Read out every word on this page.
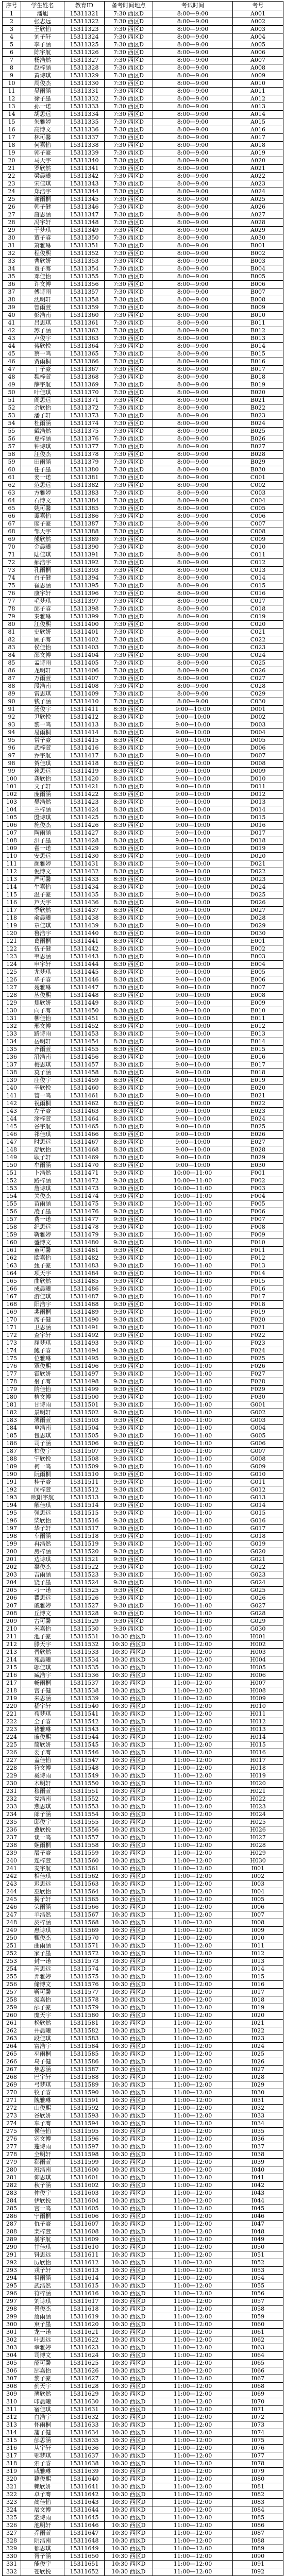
序号	学生姓名	教育ID	备考时间地点	考试时间	考号
1	潘旭	15311321	7:30 西区D	8:00—9:00	A001
2	张志远	15311322	7:30 西区D	8:00—9:00	A002
3	王欣怡	15311323	7:30 西区D	8:00—9:00	A003
4	刘子轩	15311324	7:30 西区D	8:00—9:00	A004
5	李子涵	15311325	7:30 西区D	8:00—9:00	A005
6	陈宇航	15311326	7:30 西区D	8:00—9:00	A006
7	杨浩然	15311327	7:30 西区D	8:00—9:00	A007
8	赵梓涵	15311328	7:30 西区D	8:00—9:00	A008
9	黄诗琪	15311329	7:30 西区D	8:00—9:00	A009
10	周俊杰	15311330	7:30 西区D	8:00—9:00	A010
11	吴雨涵	15311331	7:30 西区D	8:00—9:00	A011
12	徐子墨	15311332	7:30 西区D	8:00—9:00	A012
13	孙一诺	15311333	7:30 西区D	8:00—9:00	A013
14	胡思远	15311334	7:30 西区D	8:00—9:00	A014
15	朱雅婷	15311335	7:30 西区D	8:00—9:00	A015
16	高博文	15311336	7:30 西区D	8:00—9:00	A016
17	林可馨	15311337	7:30 西区D	8:00—9:00	A017
18	何嘉怡	15311338	7:30 西区D	8:00—9:00	A018
19	郭子豪	15311339	7:30 西区D	8:00—9:00	A019
20	马天宇	15311340	7:30 西区D	8:00—9:00	A020
21	罗欣然	15311341	7:30 西区D	8:00—9:00	A021
22	梁晨曦	15311342	7:30 西区D	8:00—9:00	A022
23	宋佳琪	15311343	7:30 西区D	8:00—9:00	A023
24	郑浩宇	15311344	7:30 西区D	8:00—9:00	A024
25	谢雨桐	15311345	7:30 西区D	8:00—9:00	A025
26	韩子健	15311346	7:30 西区D	8:00—9:00	A026
27	唐思涵	15311347	7:30 西区D	8:00—9:00	A027
28	冯宇轩	15311348	7:30 西区D	8:00—9:00	A028
29	于梦琪	15311349	7:30 西区D	8:00—9:00	A029
30	董子睿	15311350	7:30 西区D	8:00—9:00	A030
31	萧雅琳	15311351	7:30 西区D	8:00—9:00	B001
32	程俊熙	15311352	7:30 西区D	8:00—9:00	B002
33	曹欣妍	15311353	7:30 西区D	8:00—9:00	B003
34	袁子骞	15311354	7:30 西区D	8:00—9:00	B004
35	邓佳怡	15311355	7:30 西区D	8:00—9:00	B005
36	许文博	15311356	7:30 西区D	8:00—9:00	B006
37	傅诗雨	15311357	7:30 西区D	8:00—9:00	B007
38	沈明轩	15311358	7:30 西区D	8:00—9:00	B008
39	曾雨萱	15311359	7:30 西区D	8:00—9:00	B009
40	彭浩南	15311360	7:30 西区D	8:00—9:00	B010
41	吕思琪	15311361	7:30 西区D	8:00—9:00	B011
42	苏子涵	15311362	7:30 西区D	8:00—9:00	B012
43	卢俊宇	15311363	7:30 西区D	8:00—9:00	B013
44	蒋欣悦	15311364	7:30 西区D	8:00—9:00	B014
45	蔡一鸣	15311365	7:30 西区D	8:00—9:00	B015
46	贾雨桐	15311366	7:30 西区D	8:00—9:00	B016
47	丁子豪	15311367	7:30 西区D	8:00—9:00	B017
48	魏梓萱	15311368	7:30 西区D	8:00—9:00	B018
49	薛宇航	15311369	7:30 西区D	8:00—9:00	B019
50	叶佳琪	15311370	7:30 西区D	8:00—9:00	B020
51	阎思远	15311371	7:30 西区D	8:00—9:00	B021
52	余欣怡	15311372	7:30 西区D	8:00—9:00	B022
53	潘子轩	15311373	7:30 西区D	8:00—9:00	B023
54	杜雨涵	15311374	7:30 西区D	8:00—9:00	B024
55	戴浩然	15311375	7:30 西区D	8:00—9:00	B025
56	夏梓涵	15311376	7:30 西区D	8:00—9:00	B026
57	钟诗琪	15311377	7:30 西区D	8:00—9:00	B027
58	汪俊杰	15311378	7:30 西区D	8:00—9:00	B028
59	田雨涵	15311379	7:30 西区D	8:00—9:00	B029
60	任子墨	15311380	7:30 西区D	8:00—9:00	B030
61	姜一诺	15311381	7:30 西区D	8:00—9:00	C001
62	范思远	15311382	7:30 西区D	8:00—9:00	C002
63	方雅婷	15311383	7:30 西区D	8:00—9:00	C003
64	石博文	15311384	7:30 西区D	8:00—9:00	C004
65	姚可馨	15311385	7:30 西区D	8:00—9:00	C005
66	谭嘉怡	15311386	7:30 西区D	8:00—9:00	C006
67	廖子豪	15311387	7:30 西区D	8:00—9:00	C007
68	邹天宇	15311388	7:30 西区D	8:00—9:00	C008
69	熊欣然	15311389	7:30 西区D	8:00—9:00	C009
70	金晨曦	15311390	7:30 西区D	8:00—9:00	C010
71	陆佳琪	15311391	7:30 西区D	8:00—9:00	C011
72	郝浩宇	15311392	7:30 西区D	8:00—9:00	C012
73	孔雨桐	15311393	7:30 西区D	8:00—9:00	C013
74	白子健	15311394	7:30 西区D	8:00—9:00	C014
75	崔思涵	15311395	7:30 西区D	8:00—9:00	C015
76	康宇轩	15311396	7:30 西区D	8:00—9:00	C016
77	毛梦琪	15311397	7:30 西区D	8:00—9:00	C017
78	邱子睿	15311398	7:30 西区D	8:00—9:00	C018
79	秦雅琳	15311399	7:30 西区D	8:00—9:00	C019
80	江俊熙	15311400	7:30 西区D	8:00—9:00	C020
81	史欣妍	15311401	7:30 西区D	8:00—9:00	C021
82	顾子骞	15311402	7:30 西区D	8:00—9:00	C022
83	侯佳怡	15311403	7:30 西区D	8:00—9:00	C023
84	邵文博	15311404	7:30 西区D	8:00—9:00	C024
85	孟诗雨	15311405	7:30 西区D	8:00—9:00	C025
86	龙明轩	15311406	7:30 西区D	8:00—9:00	C026
87	万雨萱	15311407	7:30 西区D	8:00—9:00	C027
88	段浩南	15311408	7:30 西区D	8:00—9:00	C028
89	雷思琪	15311409	7:30 西区D	8:00—9:00	C029
90	钱子涵	15311410	7:30 西区D	8:00—9:00	C030
91	汤俊宇	15311411	8:30 西区D	9:00—10:00	D001
92	尹欣悦	15311412	8:30 西区D	9:00—10:00	D002
93	黎一鸣	15311413	8:30 西区D	9:00—10:00	D003
94	易雨桐	15311414	8:30 西区D	9:00—10:00	D004
95	常子豪	15311415	8:30 西区D	9:00—10:00	D005
96	武梓萱	15311416	8:30 西区D	9:00—10:00	D006
97	乔宇航	15311417	8:30 西区D	9:00—10:00	D007
98	贺佳琪	15311418	8:30 西区D	9:00—10:00	D008
99	赖思远	15311419	8:30 西区D	9:00—10:00	D009
100	龚欣怡	15311420	8:30 西区D	9:00—10:00	D010
101	文子轩	15311421	8:30 西区D	9:00—10:00	D011
102	庞雨涵	15311422	8:30 西区D	9:00—10:00	D012
103	樊浩然	15311423	8:30 西区D	9:00—10:00	D013
104	兰梓涵	15311424	8:30 西区D	9:00—10:00	D014
105	殷诗琪	15311425	8:30 西区D	9:00—10:00	D015
106	施俊杰	15311426	8:30 西区D	9:00—10:00	D016
107	陶雨涵	15311427	8:30 西区D	9:00—10:00	D017
108	洪子墨	15311428	8:30 西区D	9:00—10:00	D018
109	翟一诺	15311429	8:30 西区D	9:00—10:00	D019
110	安思远	15311430	8:30 西区D	9:00—10:00	D020
111	颜雅婷	15311431	8:30 西区D	9:00—10:00	D021
112	倪博文	15311432	8:30 西区D	9:00—10:00	D022
113	严可馨	15311433	8:30 西区D	9:00—10:00	D023
114	牛嘉怡	15311434	8:30 西区D	9:00—10:00	D024
115	温子豪	15311435	8:30 西区D	9:00—10:00	D025
116	芦天宇	15311436	8:30 西区D	9:00—10:00	D026
117	季欣然	15311437	8:30 西区D	9:00—10:00	D027
118	俞晨曦	15311438	8:30 西区D	9:00—10:00	D028
119	章佳琪	15311439	8:30 西区D	9:00—10:00	D029
120	鲁浩宇	15311440	8:30 西区D	9:00—10:00	D030
121	葛雨桐	15311441	8:30 西区D	9:00—10:00	E001
122	伍子健	15311442	8:30 西区D	9:00—10:00	E002
123	韦思涵	15311443	8:30 西区D	9:00—10:00	E003
124	申宇轩	15311444	8:30 西区D	9:00—10:00	E004
125	尤梦琪	15311445	8:30 西区D	9:00—10:00	E005
126	毕子睿	15311446	8:30 西区D	9:00—10:00	E006
127	聂雅琳	15311447	8:30 西区D	9:00—10:00	E007
128	丛俊熙	15311448	8:30 西区D	9:00—10:00	E008
129	焦欣妍	15311449	8:30 西区D	9:00—10:00	E009
130	向子骞	15311450	8:30 西区D	9:00—10:00	E010
131	柳佳怡	15311451	8:30 西区D	9:00—10:00	E011
132	邢文博	15311452	8:30 西区D	9:00—10:00	E012
133	路诗雨	15311453	8:30 西区D	9:00—10:00	E013
134	岳明轩	15311454	8:30 西区D	9:00—10:00	E014
135	齐雨萱	15311455	8:30 西区D	9:00—10:00	E015
136	沿浩南	15311456	8:30 西区D	9:00—10:00	E016
137	梅思琪	15311457	8:30 西区D	9:00—10:00	E017
138	莫子涵	15311458	8:30 西区D	9:00—10:00	E018
139	庄俊宇	15311459	8:30 西区D	9:00—10:00	E019
140	辛欣悦	15311460	8:30 西区D	9:00—10:00	E020
141	管一鸣	15311461	8:30 西区D	9:00—10:00	E021
142	祝雨桐	15311462	8:30 西区D	9:00—10:00	E022
143	左子豪	15311463	8:30 西区D	9:00—10:00	E023
144	涂梓萱	15311464	8:30 西区D	9:00—10:00	E024
145	谷宇航	15311465	8:30 西区D	9:00—10:00	E025
146	祁佳琪	15311466	8:30 西区D	9:00—10:00	E026
147	时思远	15311467	8:30 西区D	9:00—10:00	E027
148	舒欣怡	15311468	8:30 西区D	9:00—10:00	E028
149	耿子轩	15311469	8:30 西区D	9:00—10:00	E029
150	牟雨涵	15311470	8:30 西区D	9:00—10:00	E030
151	卜浩然	15311471	9:30 西区D	10:00—11:00	F001
152	路梓涵	15311472	9:30 西区D	10:00—11:00	F002
153	詹诗琪	15311473	9:30 西区D	10:00—11:00	F003
154	关俊杰	15311474	9:30 西区D	10:00—11:00	F004
155	苗雨涵	15311475	9:30 西区D	10:00—11:00	F005
156	凌子墨	15311476	9:30 西区D	10:00—11:00	F006
157	费一诺	15311477	9:30 西区D	10:00—11:00	F007
158	纪思远	15311478	9:30 西区D	10:00—11:00	F008
159	靳雅婷	15311479	9:30 西区D	10:00—11:00	F009
160	盛博文	15311480	9:30 西区D	10:00—11:00	F010
161	童可馨	15311481	9:30 西区D	10:00—11:00	F011
162	欧嘉怡	15311482	9:30 西区D	10:00—11:00	F012
163	甄子豪	15311483	9:30 西区D	10:00—11:00	F013
164	项天宇	15311484	9:30 西区D	10:00—11:00	F014
165	曲欣然	15311485	9:30 西区D	10:00—11:00	F015
166	成晨曦	15311486	9:30 西区D	10:00—11:00	F016
167	游佳琪	15311487	9:30 西区D	10:00—11:00	F017
168	阳浩宇	15311488	9:30 西区D	10:00—11:00	F018
169	裴雨桐	15311489	9:30 西区D	10:00—11:00	F019
170	席子健	15311490	9:30 西区D	10:00—11:00	F020
171	卫思涵	15311491	9:30 西区D	10:00—11:00	F021
172	查宇轩	15311492	9:30 西区D	10:00—11:00	F022
173	屈梦琪	15311493	9:30 西区D	10:00—11:00	F023
174	鲍子睿	15311494	9:30 西区D	10:00—11:00	F024
175	位雅琳	15311495	9:30 西区D	10:00—11:00	F025
176	覃俊熙	15311496	9:30 西区D	10:00—11:00	F026
177	霍欣妍	15311497	9:30 西区D	10:00—11:00	F027
178	翁子骞	15311498	9:30 西区D	10:00—11:00	F028
179	隋佳怡	15311499	9:30 西区D	10:00—11:00	F029
180	植文博	15311500	9:30 西区D	10:00—11:00	F030
181	甘诗雨	15311501	9:30 西区D	10:00—11:00	G001
182	景明轩	15311502	9:30 西区D	10:00—11:00	G002
183	薄雨萱	15311503	9:30 西区D	10:00—11:00	G003
184	单浩南	15311504	9:30 西区D	10:00—11:00	G004
185	包思琪	15311505	9:30 西区D	10:00—11:00	G005
186	司子涵	15311506	9:30 西区D	10:00—11:00	G006
187	柏俊宇	15311507	9:30 西区D	10:00—11:00	G007
188	宁欣悦	15311508	9:30 西区D	10:00—11:00	G008
189	柯一鸣	15311509	9:30 西区D	10:00—11:00	G009
190	阮雨桐	15311510	9:30 西区D	10:00—11:00	G010
191	桂子豪	15311511	9:30 西区D	10:00—11:00	G011
192	闵梓萱	15311512	9:30 西区D	10:00—11:00	G012
193	欧阳宇航	15311513	9:30 西区D	10:00—11:00	G013
194	解佳琪	15311514	9:30 西区D	10:00—11:00	G014
195	强思远	15311515	9:30 西区D	10:00—11:00	G015
196	柴欣怡	15311516	9:30 西区D	10:00—11:00	G016
197	华子轩	15311517	9:30 西区D	10:00—11:00	G017
198	车雨涵	15311518	9:30 西区D	10:00—11:00	G018
199	冉浩然	15311519	9:30 西区D	10:00—11:00	G019
200	房梓涵	15311520	9:30 西区D	10:00—11:00	G020
201	边诗琪	15311521	9:30 西区D	10:00—11:00	G021
202	辜俊杰	15311522	9:30 西区D	10:00—11:00	G022
203	吉雨涵	15311523	9:30 西区D	10:00—11:00	G023
204	饶子墨	15311524	9:30 西区D	10:00—11:00	G024
205	刁一诺	15311525	9:30 西区D	10:00—11:00	G025
206	瞿思远	15311526	9:30 西区D	10:00—11:00	G026
207	戚雅婷	15311527	9:30 西区D	10:00—11:00	G027
208	丘博文	15311528	9:30 西区D	10:00—11:00	G028
209	古可馨	15311529	9:30 西区D	10:00—11:00	G029
210	米嘉怡	15311530	9:30 西区D	10:00—11:00	G030
211	池子豪	15311531	10:30 西区D	11:00—12:00	H001
212	滕天宇	15311532	10:30 西区D	11:00—12:00	H002
213	晋欣然	15311533	10:30 西区D	11:00—12:00	H003
214	苑晨曦	15311534	10:30 西区D	11:00—12:00	H004
215	邬佳琪	15311535	10:30 西区D	11:00—12:00	H005
216	臧浩宇	15311536	10:30 西区D	11:00—12:00	H006
217	畅雨桐	15311537	10:30 西区D	11:00—12:00	H007
218	宫子健	15311538	10:30 西区D	11:00—12:00	H008
219	来思涵	15311539	10:30 西区D	11:00—12:00	H009
220	嵇宇轩	15311540	10:30 西区D	11:00—12:00	H010
221	苟梦琪	15311541	10:30 西区D	11:00—12:00	H011
222	全子睿	15311542	10:30 西区D	11:00—12:00	H012
223	褚雅琳	15311543	10:30 西区D	11:00—12:00	H013
224	廉俊熙	15311544	10:30 西区D	11:00—12:00	H014
225	简欣妍	15311545	10:30 西区D	11:00—12:00	H015
226	娄子骞	15311546	10:30 西区D	11:00—12:00	H016
227	盖佳怡	15311547	10:30 西区D	11:00—12:00	H017
228	符文博	15311548	10:30 西区D	11:00—12:00	H018
229	奚诗雨	15311549	10:30 西区D	11:00—12:00	H019
230	木明轩	15311550	10:30 西区D	11:00—12:00	H020
231	穆雨萱	15311551	10:30 西区D	11:00—12:00	H021
232	党浩南	15311552	10:30 西区D	11:00—12:00	H022
233	燕思琪	15311553	10:30 西区D	11:00—12:00	H023
234	郎子涵	15311554	10:30 西区D	11:00—12:00	H024
235	邸俊宇	15311555	10:30 西区D	11:00—12:00	H025
236	冀欣悦	15311556	10:30 西区D	11:00—12:00	H026
237	谈一鸣	15311557	10:30 西区D	11:00—12:00	H027
238	姬雨桐	15311558	10:30 西区D	11:00—12:00	H028
239	屠子豪	15311559	10:30 西区D	11:00—12:00	H029
240	连梓萱	15311560	10:30 西区D	11:00—12:00	H030
241	麦宇航	15311561	10:30 西区D	11:00—12:00	I001
242	相佳琪	15311562	10:30 西区D	11:00—12:00	I002
243	迟思远	15311563	10:30 西区D	11:00—12:00	I003
244	巫欣怡	15311564	10:30 西区D	11:00—12:00	I004
245	揭子轩	15311565	10:30 西区D	11:00—12:00	I005
246	荣雨涵	15311566	10:30 西区D	11:00—12:00	I006
247	羊浩然	15311567	10:30 西区D	11:00—12:00	I007
248	於梓涵	15311568	10:30 西区D	11:00—12:00	I008
249	惠诗琪	15311569	10:30 西区D	11:00—12:00	I009
250	甄俊杰	15311570	10:30 西区D	11:00—12:00	I010
251	曲雨涵	15311571	10:30 西区D	11:00—12:00	I011
252	家子墨	15311572	10:30 西区D	11:00—12:00	I012
253	封一诺	15311573	10:30 西区D	11:00—12:00	I013
254	芮思远	15311574	10:30 西区D	11:00—12:00	I014
255	羿雅婷	15311575	10:30 西区D	11:00—12:00	I015
256	储博文	15311576	10:30 西区D	11:00—12:00	I016
257	靳可馨	15311577	10:30 西区D	11:00—12:00	I017
258	汲嘉怡	15311578	10:30 西区D	11:00—12:00	I018
259	邴子豪	15311579	10:30 西区D	11:00—12:00	I019
260	糜天宇	15311580	10:30 西区D	11:00—12:00	I020
261	松欣然	15311581	10:30 西区D	11:00—12:00	I021
262	井晨曦	15311582	10:30 西区D	11:00—12:00	I022
263	段佳琪	15311583	10:30 西区D	11:00—12:00	I023
264	富浩宇	15311584	10:30 西区D	11:00—12:00	I024
265	巫雨桐	15311585	10:30 西区D	11:00—12:00	I025
266	乌子健	15311586	10:30 西区D	11:00—12:00	I026
267	焦思涵	15311587	10:30 西区D	11:00—12:00	I027
268	巴宇轩	15311588	10:30 西区D	11:00—12:00	I028
269	弓梦琪	15311589	10:30 西区D	11:00—12:00	I029
270	牧子睿	15311590	10:30 西区D	11:00—12:00	I030
271	隗雅琳	15311591	10:30 西区D	11:00—12:00	I031
272	山俊熙	15311592	10:30 西区D	11:00—12:00	I032
273	谷欣妍	15311593	10:30 西区D	11:00—12:00	I033
274	车子骞	15311594	10:30 西区D	11:00—12:00	I034
275	侯佳怡	15311595	10:30 西区D	11:00—12:00	I035
276	宓文博	15311596	10:30 西区D	11:00—12:00	I036
277	蓬诗雨	15311597	10:30 西区D	11:00—12:00	I037
278	全明轩	15311598	10:30 西区D	11:00—12:00	I038
279	郗雨萱	15311599	10:30 西区D	11:00—12:00	I039
280	班浩南	15311600	10:30 西区D	11:00—12:00	I040
281	仰思琪	15311601	10:30 西区D	11:00—12:00	I041
282	秋子涵	15311602	10:30 西区D	11:00—12:00	I042
283	仲俊宇	15311603	10:30 西区D	11:00—12:00	I043
284	伊欣悦	15311604	10:30 西区D	11:00—12:00	I044
285	宫一鸣	15311605	10:30 西区D	11:00—12:00	I045
286	宁雨桐	15311606	10:30 西区D	11:00—12:00	I046
287	仇子豪	15311607	10:30 西区D	11:00—12:00	I047
288	栾梓萱	15311608	10:30 西区D	11:00—12:00	I048
289	暴宇航	15311609	10:30 西区D	11:00—12:00	I049
290	甘佳琪	15311610	10:30 西区D	11:00—12:00	I050
291	钭思远	15311611	10:30 西区D	11:00—12:00	I051
292	厉欣怡	15311612	10:30 西区D	11:00—12:00	I052
293	戎子轩	15311613	10:30 西区D	11:00—12:00	I053
294	祖雨涵	15311614	10:30 西区D	11:00—12:00	I054
295	武浩然	15311615	10:30 西区D	11:00—12:00	I055
296	符梓涵	15311616	10:30 西区D	11:00—12:00	I056
297	刘诗琪	15311617	10:30 西区D	11:00—12:00	I057
298	景俊杰	15311618	10:30 西区D	11:00—12:00	I058
299	詹雨涵	15311619	10:30 西区D	11:00—12:00	I059
300	束子墨	15311620	10:30 西区D	11:00—12:00	I060
301	龙一诺	15311621	10:30 西区D	11:00—12:00	I061
302	叶思远	15311622	10:30 西区D	11:00—12:00	I062
303	幸雅婷	15311623	10:30 西区D	11:00—12:00	I063
304	司博文	15311624	10:30 西区D	11:00—12:00	I064
305	韶可馨	15311625	10:30 西区D	11:00—12:00	I065
306	郜嘉怡	15311626	10:30 西区D	11:00—12:00	I066
307	黎子豪	15311627	10:30 西区D	11:00—12:00	I067
308	蓟天宇	15311628	10:30 西区D	11:00—12:00	I068
309	薄欣然	15311629	10:30 西区D	11:00—12:00	I069
310	印晨曦	15311630	10:30 西区D	11:00—12:00	I070
311	宿佳琪	15311631	10:30 西区D	11:00—12:00	I071
312	白浩宇	15311632	10:30 西区D	11:00—12:00	I072
313	怀雨桐	15311633	10:30 西区D	11:00—12:00	I073
314	蒲子健	15311634	10:30 西区D	11:00—12:00	I074
315	邰思涵	15311635	10:30 西区D	11:00—12:00	I075
316	从宇轩	15311636	10:30 西区D	11:00—12:00	I076
317	鄂梦琪	15311637	10:30 西区D	11:00—12:00	I077
318	索子睿	15311638	10:30 西区D	11:00—12:00	I078
319	咸雅琳	15311639	10:30 西区D	11:00—12:00	I079
320	籍俊熙	15311640	10:30 西区D	11:00—12:00	I080
321	赖欣妍	15311641	10:30 西区D	11:00—12:00	I081
322	卓子骞	15311642	10:30 西区D	11:00—12:00	I082
323	蔺佳怡	15311643	10:30 西区D	11:00—12:00	I083
324	屠文博	15311644	10:30 西区D	11:00—12:00	I084
325	蒙诗雨	15311645	10:30 西区D	11:00—12:00	I085
326	池明轩	15311646	10:30 西区D	11:00—12:00	I086
327	乔雨萱	15311647	10:30 西区D	11:00—12:00	I087
328	阴浩南	15311648	10:30 西区D	11:00—12:00	I088
329	郁思琪	15311649	10:30 西区D	11:00—12:00	I089
330	胥子涵	15311650	10:30 西区D	11:00—12:00	I090
331	能俊宇	15311651	10:30 西区D	11:00—12:00	I091
332	苍欣悦	15311652	10:30 西区D	11:00—12:00	I092
